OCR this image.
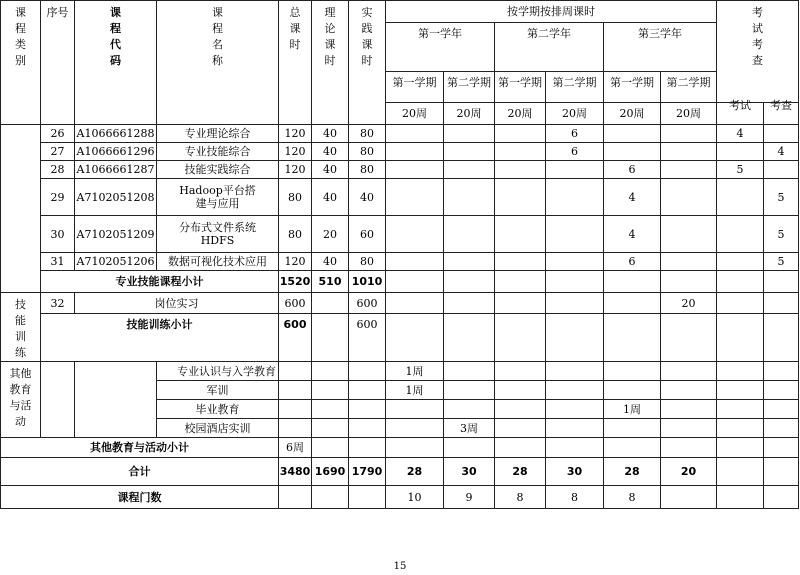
课程类别	序号	课程代码	课程名称	总课时	理论课时	实践课时	按学期按排周课时						考试考查	

							第一学年		第二学年		第三学年			
							第一学期	第二学期	第一学期	第二学期	第一学期	第二学期		
							20周	20周	20周	20周	20周	20周	考试	考查
	26	A1066661288	专业理论综合	120	40	80				6			4	
	27	A1066661296	专业技能综合	120	40	80				6				4
	28	A1066661287	技能实践综合	120	40	80					6		5	
	29	A7102051208	Hadoop平台搭建与应用	80	40	40					4			5
	30	A7102051209	分布式文件系统HDFS	80	20	60					4			5
	31	A7102051206	数据可视化技术应用	120	40	80					6			5
	专业技能课程小计			1520	510	1010								

技能训练	32	岗位实习		600		600						20		
	技能训练小计			600		600								

其他教育与活动			专业认识与入学教育				1周							
			军训				1周							
			毕业教育								1周			
			校园酒店实训					3周						
其他教育与活动小计				6周										
合计				3480	1690	1790	28	30	28	30	28	20		
课程门数							10	9	8	8	8			
15
